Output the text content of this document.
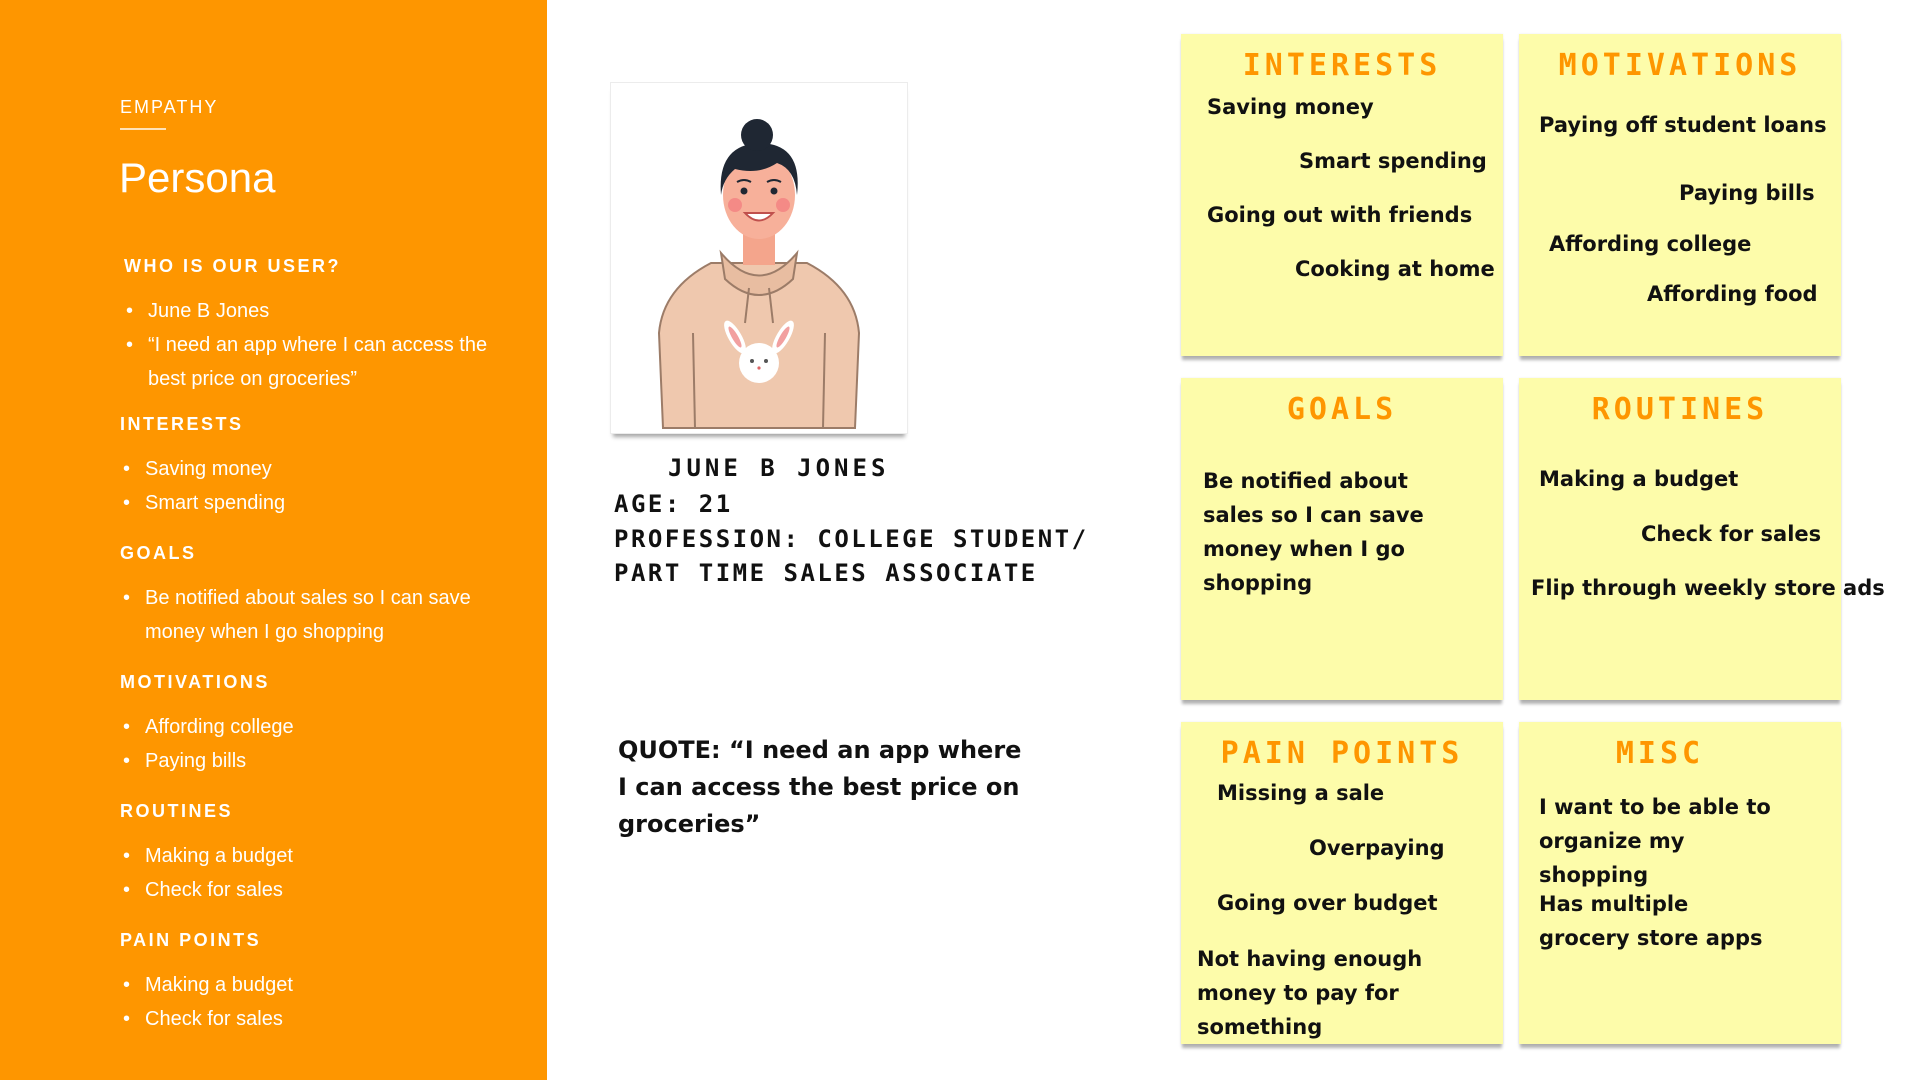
EMPATHY
Persona
WHO IS OUR USER?
• June B Jones
• “I need an app where I can access the best price on groceries”
INTERESTS
• Saving money
• Smart spending
GOALS
• Be notified about sales so I can save money when I go shopping
MOTIVATIONS
• Affording college
• Paying bills
ROUTINES
• Making a budget
• Check for sales
PAIN POINTS
• Making a budget
• Check for sales
JUNE B JONES
AGE: 21
PROFESSION: COLLEGE STUDENT/
PART TIME SALES ASSOCIATE
QUOTE: “I need an app where I can access the best price on groceries”
INTERESTS
Saving money
Smart spending
Going out with friends
Cooking at home
MOTIVATIONS
Paying off student loans
Paying bills
Affording college
Affording food
GOALS
Be notified about sales so I can save money when I go shopping
ROUTINES
Making a budget
Check for sales
Flip through weekly store ads
PAIN POINTS
Missing a sale
Overpaying
Going over budget
Not having enough money to pay for something
MISC
I want to be able to organize my shopping
Has multiple grocery store apps
